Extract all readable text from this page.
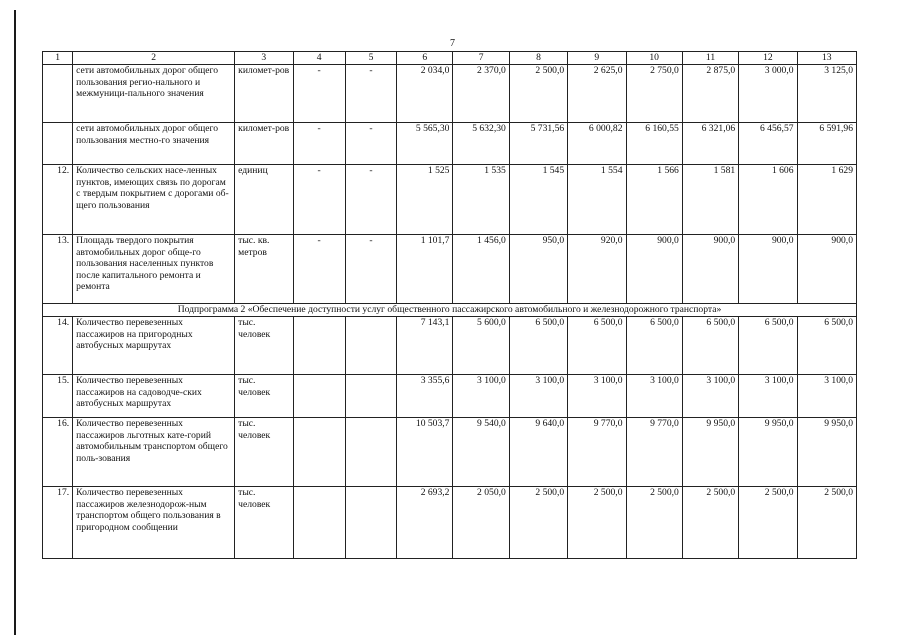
7
1	2	3	4	5	6	7	8	9	10	11	12	13
	сети автомобильных дорог общего пользования регио-нального и межмуници-пального значения	километ-ров	-	-	2 034,0	2 370,0	2 500,0	2 625,0	2 750,0	2 875,0	3 000,0	3 125,0
	сети автомобильных дорог общего пользования местно-го значения	километ-ров	-	-	5 565,30	5 632,30	5 731,56	6 000,82	6 160,55	6 321,06	6 456,57	6 591,96
12.	Количество сельских насе-ленных пунктов, имеющих связь по дорогам с твердым покрытием с дорогами об-щего пользования	единиц	-	-	1 525	1 535	1 545	1 554	1 566	1 581	1 606	1 629
13.	Площадь твердого покрытия автомобильных дорог обще-го пользования населенных пунктов после капитального ремонта и ремонта	тыс. кв. метров	-	-	1 101,7	1 456,0	950,0	920,0	900,0	900,0	900,0	900,0
Подпрограмма 2 «Обеспечение доступности услуг общественного пассажирского автомобильного и железнодорожного транспорта»												
14.	Количество перевезенных пассажиров на пригородных автобусных маршрутах	тыс. человек			7 143,1	5 600,0	6 500,0	6 500,0	6 500,0	6 500,0	6 500,0	6 500,0
15.	Количество перевезенных пассажиров на садоводче-ских автобусных маршрутах	тыс. человек			3 355,6	3 100,0	3 100,0	3 100,0	3 100,0	3 100,0	3 100,0	3 100,0
16.	Количество перевезенных пассажиров льготных кате-горий автомобильным транспортом общего поль-зования	тыс. человек			10 503,7	9 540,0	9 640,0	9 770,0	9 770,0	9 950,0	9 950,0	9 950,0
17.	Количество перевезенных пассажиров железнодорож-ным транспортом общего пользования в пригородном сообщении	тыс. человек			2 693,2	2 050,0	2 500,0	2 500,0	2 500,0	2 500,0	2 500,0	2 500,0
